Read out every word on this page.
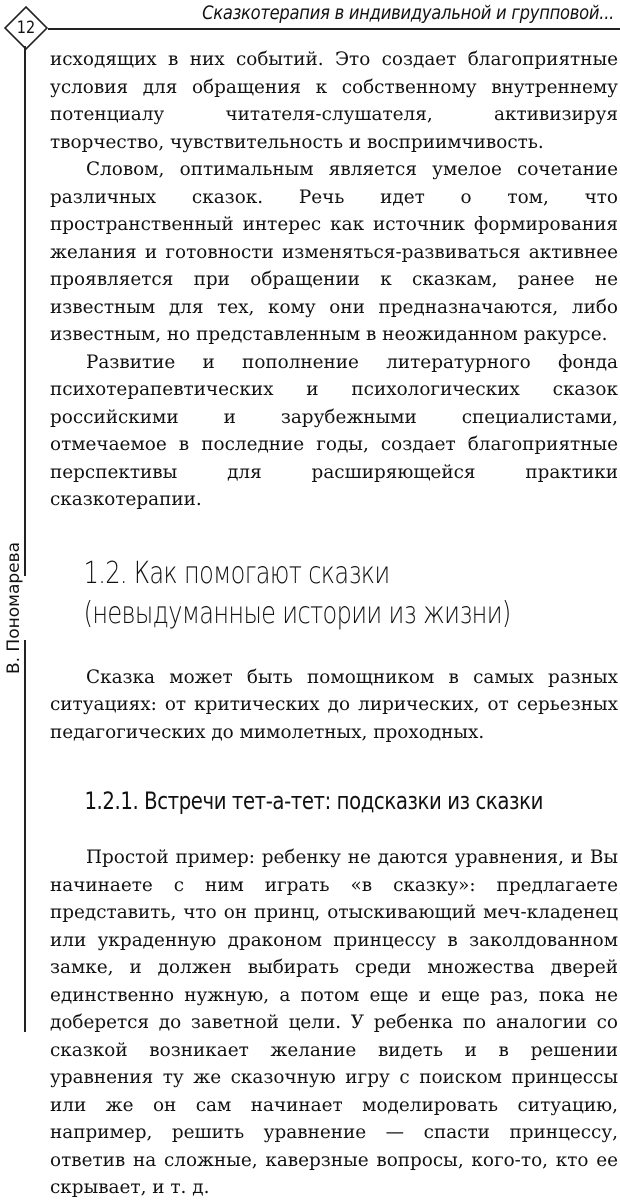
12
Сказкотерапия в индивидуальной и групповой...
В. Пономарева

исходящих в них событий. Это создает благоприятные условия для обращения к собственному внутреннему потенциалу читателя-слушателя, активизируя творчество, чувствительность и восприимчивость.

Словом, оптимальным является умелое сочетание различных сказок. Речь идет о том, что пространственный интерес как источник формирования желания и готовности изменяться-развиваться активнее проявляется при обращении к сказкам, ранее не известным для тех, кому они предназначаются, либо известным, но представленным в неожиданном ракурсе.

Развитие и пополнение литературного фонда психотерапевтических и психологических сказок российскими и зарубежными специалистами, отмечаемое в последние годы, создает благоприятные перспективы для расширяющейся практики сказкотерапии.

1.2. Как помогают сказки
(невыдуманные истории из жизни)

Сказка может быть помощником в самых разных ситуациях: от критических до лирических, от серьезных педагогических до мимолетных, проходных.

1.2.1. Встречи тет-а-тет: подсказки из сказки

Простой пример: ребенку не даются уравнения, и Вы начинаете с ним играть «в сказку»: предлагаете представить, что он принц, отыскивающий меч-кладенец или украденную драконом принцессу в заколдованном замке, и должен выбирать среди множества дверей единственно нужную, а потом еще и еще раз, пока не доберется до заветной цели. У ребенка по аналогии со сказкой возникает желание видеть и в решении уравнения ту же сказочную игру с поиском принцессы или же он сам начинает моделировать ситуацию, например, решить уравнение — спасти принцессу, ответив на сложные, каверзные вопросы, кого-то, кто ее скрывает, и т. д.
